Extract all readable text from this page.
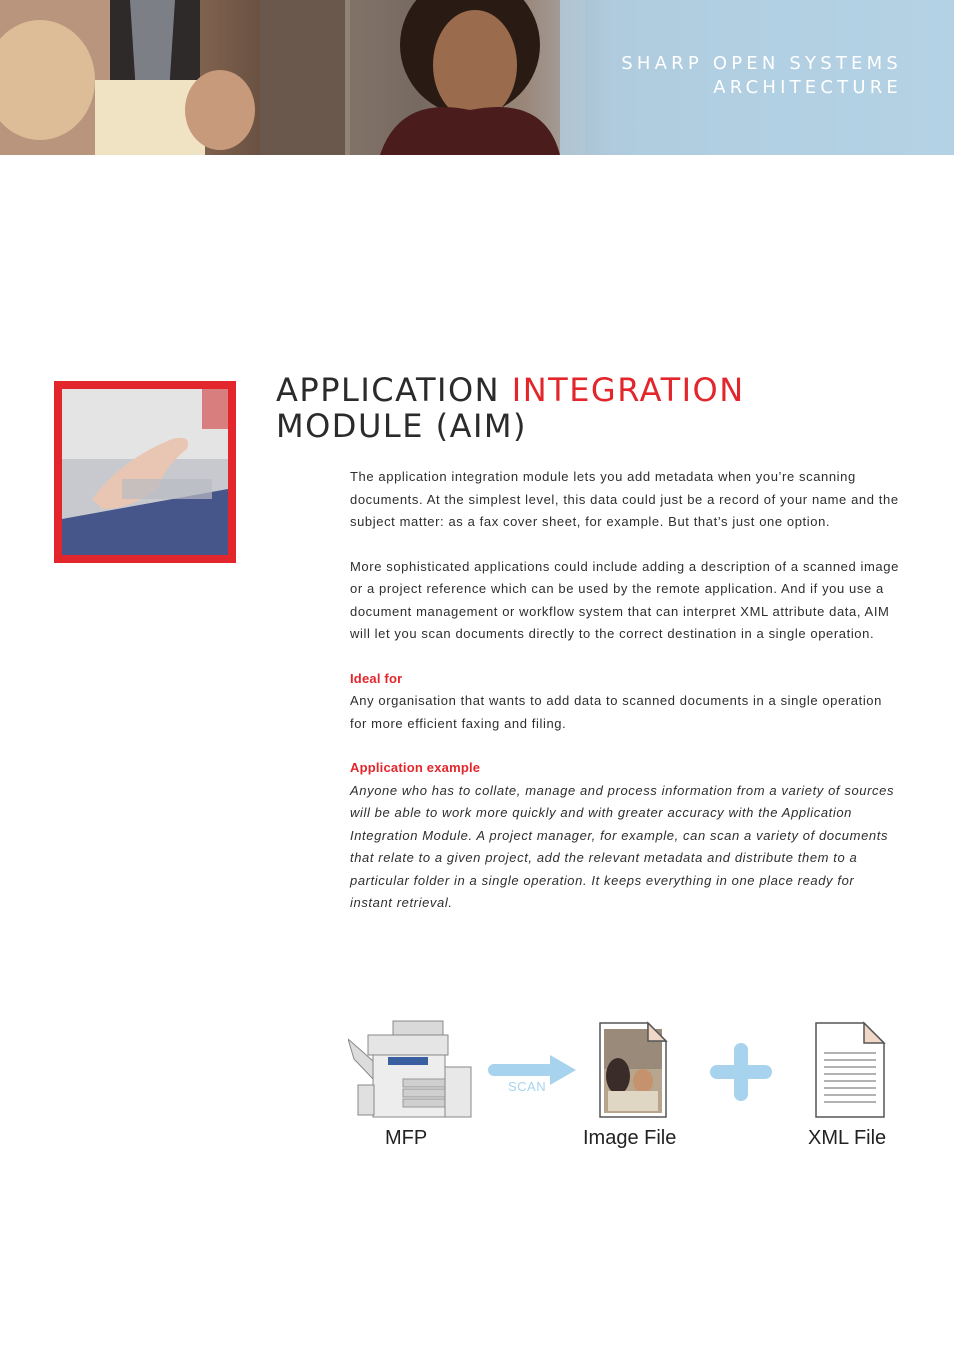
SHARP OPEN SYSTEMS
ARCHITECTURE
APPLICATION INTEGRATION
MODULE (AIM)

The application integration module lets you add metadata when you’re scanning documents. At the simplest level, this data could just be a record of your name and the subject matter: as a fax cover sheet, for example. But that’s just one option.

More sophisticated applications could include adding a description of a scanned image or a project reference which can be used by the remote application. And if you use a document management or workflow system that can interpret XML attribute data, AIM will let you scan documents directly to the correct destination in a single operation.

Ideal for

Any organisation that wants to add data to scanned documents in a single operation for more efficient faxing and filing.

Application example

Anyone who has to collate, manage and process information from a variety of sources will be able to work more quickly and with greater accuracy with the Application Integration Module. A project manager, for example, can scan a variety of documents that relate to a given project, add the relevant metadata and distribute them to a particular folder in a single operation. It keeps everything in one place ready for instant retrieval.

SCAN
MFP	Image File	XML File
